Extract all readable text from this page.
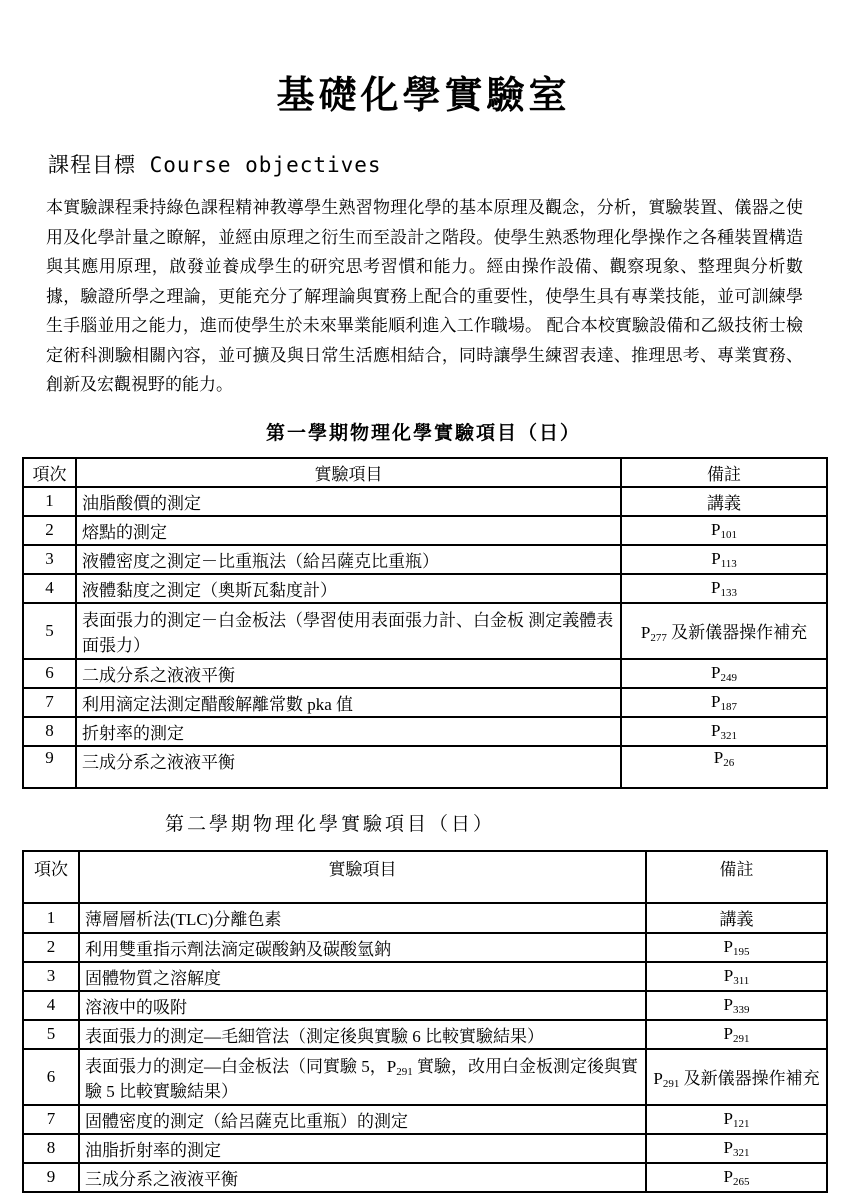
基礎化學實驗室
課程目標 Course objectives
本實驗課程秉持綠色課程精神教導學生熟習物理化學的基本原理及觀念，分析，實驗裝置、儀器之使用及化學計量之瞭解，並經由原理之衍生而至設計之階段。使學生熟悉物理化學操作之各種裝置構造與其應用原理，啟發並養成學生的研究思考習慣和能力。經由操作設備、觀察現象、整理與分析數據，驗證所學之理論，更能充分了解理論與實務上配合的重要性，使學生具有專業技能，並可訓練學生手腦並用之能力，進而使學生於未來畢業能順利進入工作職場。 配合本校實驗設備和乙級技術士檢定術科測驗相關內容，並可擴及與日常生活應相結合，同時讓學生練習表達、推理思考、專業實務、創新及宏觀視野的能力。
第一學期物理化學實驗項目（日）
項次	實驗項目	備註
1	油脂酸價的測定	講義
2	熔點的測定	$P_{101}$
3	液體密度之測定－比重瓶法（給呂薩克比重瓶）	$P_{113}$
4	液體黏度之測定（奧斯瓦黏度計）	$P_{133}$
5	表面張力的測定－白金板法（學習使用表面張力計、白金板 測定義體表面張力）	$P_{277}$ 及新儀器操作補充
6	二成分系之液液平衡	$P_{249}$
7	利用滴定法測定醋酸解離常數 pka 值	$P_{187}$
8	折射率的測定	$P_{321}$
9	三成分系之液液平衡	$P_{26}$
第二學期物理化學實驗項目（日）
項次	實驗項目	備註
1	薄層層析法(TLC)分離色素	講義
2	利用雙重指示劑法滴定碳酸鈉及碳酸氫鈉	$P_{195}$
3	固體物質之溶解度	$P_{311}$
4	溶液中的吸附	$P_{339}$
5	表面張力的測定—毛細管法（測定後與實驗 6 比較實驗結果）	$P_{291}$
6	表面張力的測定—白金板法（同實驗 5，$P_{291}$ 實驗，改用白金板測定後與實驗 5 比較實驗結果）	$P_{291}$ 及新儀器操作補充
7	固體密度的測定（給呂薩克比重瓶）的測定	$P_{121}$
8	油脂折射率的測定	$P_{321}$
9	三成分系之液液平衡	$P_{265}$
